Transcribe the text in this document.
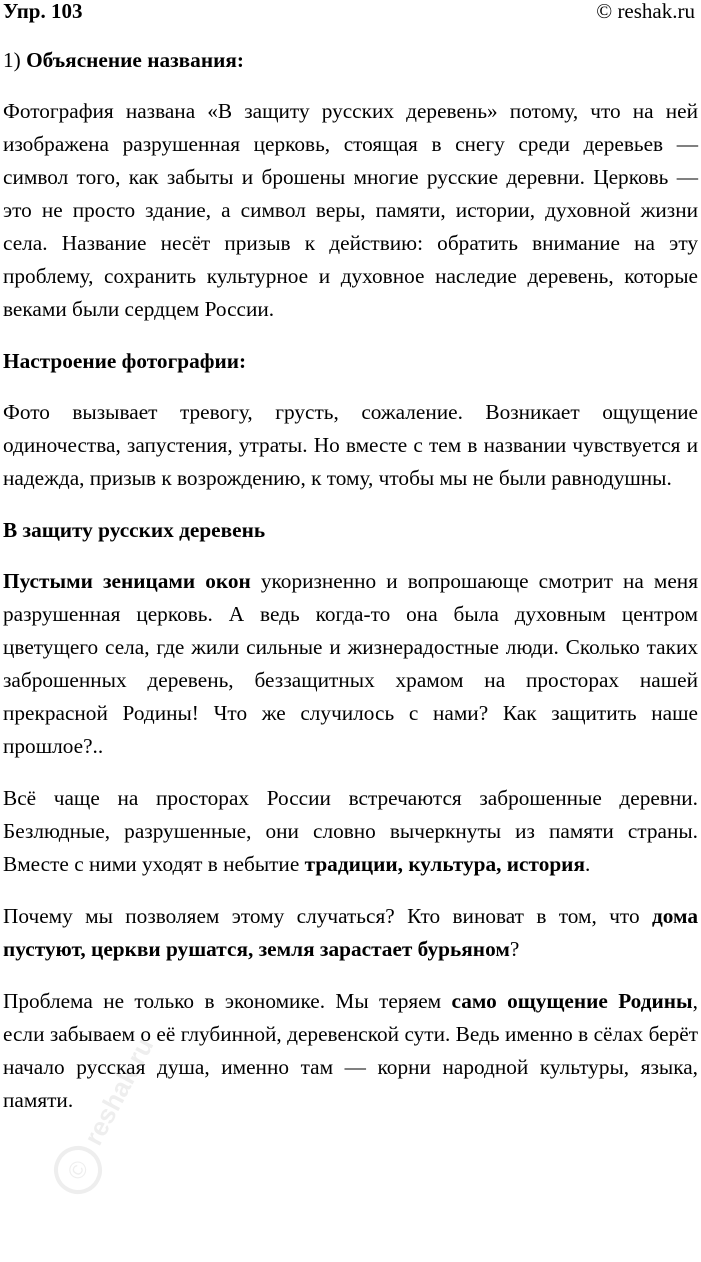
Упр. 103	© reshak.ru

1) Объяснение названия:

Фотография названа «В защиту русских деревень» потому, что на ней изображена разрушенная церковь, стоящая в снегу среди деревьев — символ того, как забыты и брошены многие русские деревни. Церковь — это не просто здание, а символ веры, памяти, истории, духовной жизни села. Название несёт призыв к действию: обратить внимание на эту проблему, сохранить культурное и духовное наследие деревень, которые веками были сердцем России.

Настроение фотографии:

Фото вызывает тревогу, грусть, сожаление. Возникает ощущение одиночества, запустения, утраты. Но вместе с тем в названии чувствуется и надежда, призыв к возрождению, к тому, чтобы мы не были равнодушны.

В защиту русских деревень

Пустыми зеницами окон укоризненно и вопрошающе смотрит на меня разрушенная церковь. А ведь когда-то она была духовным центром цветущего села, где жили сильные и жизнерадостные люди. Сколько таких заброшенных деревень, беззащитных храмом на просторах нашей прекрасной Родины! Что же случилось с нами? Как защитить наше прошлое?..

Всё чаще на просторах России встречаются заброшенные деревни. Безлюдные, разрушенные, они словно вычеркнуты из памяти страны. Вместе с ними уходят в небытие традиции, культура, история.

Почему мы позволяем этому случаться? Кто виноват в том, что дома пустуют, церкви рушатся, земля зарастает бурьяном?

Проблема не только в экономике. Мы теряем само ощущение Родины, если забываем о её глубинной, деревенской сути. Ведь именно в сёлах берёт начало русская душа, именно там — корни народной культуры, языка, памяти.

©
reshak.ru
